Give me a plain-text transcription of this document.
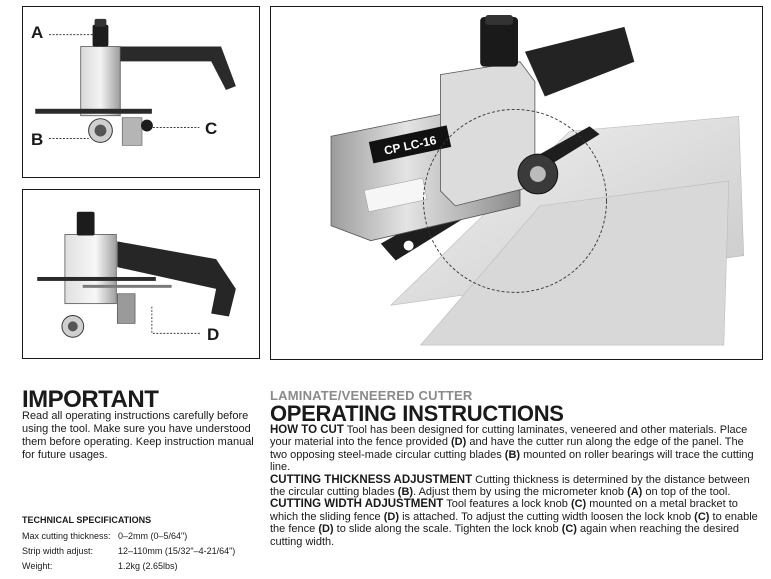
A
B
C
D
CP LC-16
IMPORTANT
Read all operating instructions carefully before using the tool. Make sure you have understood them before operating. Keep instruction manual for future usages.
TECHNICAL SPECIFICATIONS
Max cutting thickness: 0–2mm (0–5/64")
Strip width adjust:	12–110mm (15/32"–4-21/64")
Weight:	1.2kg (2.65lbs)
LAMINATE/VENEERED CUTTER
OPERATING INSTRUCTIONS

HOW TO CUT Tool has been designed for cutting laminates, veneered and other materials. Place your material into the fence provided (D) and have the cutter run along the edge of the panel. The two opposing steel-made circular cutting blades (B) mounted on roller bearings will trace the cutting line.

CUTTING THICKNESS ADJUSTMENT Cutting thickness is determined by the distance between the circular cutting blades (B). Adjust them by using the micrometer knob (A) on top of the tool.

CUTTING WIDTH ADJUSTMENT Tool features a lock knob (C) mounted on a metal bracket to which the sliding fence (D) is attached. To adjust the cutting width loosen the lock knob (C) to enable the fence (D) to slide along the scale. Tighten the lock knob (C) again when reaching the desired cutting width.
